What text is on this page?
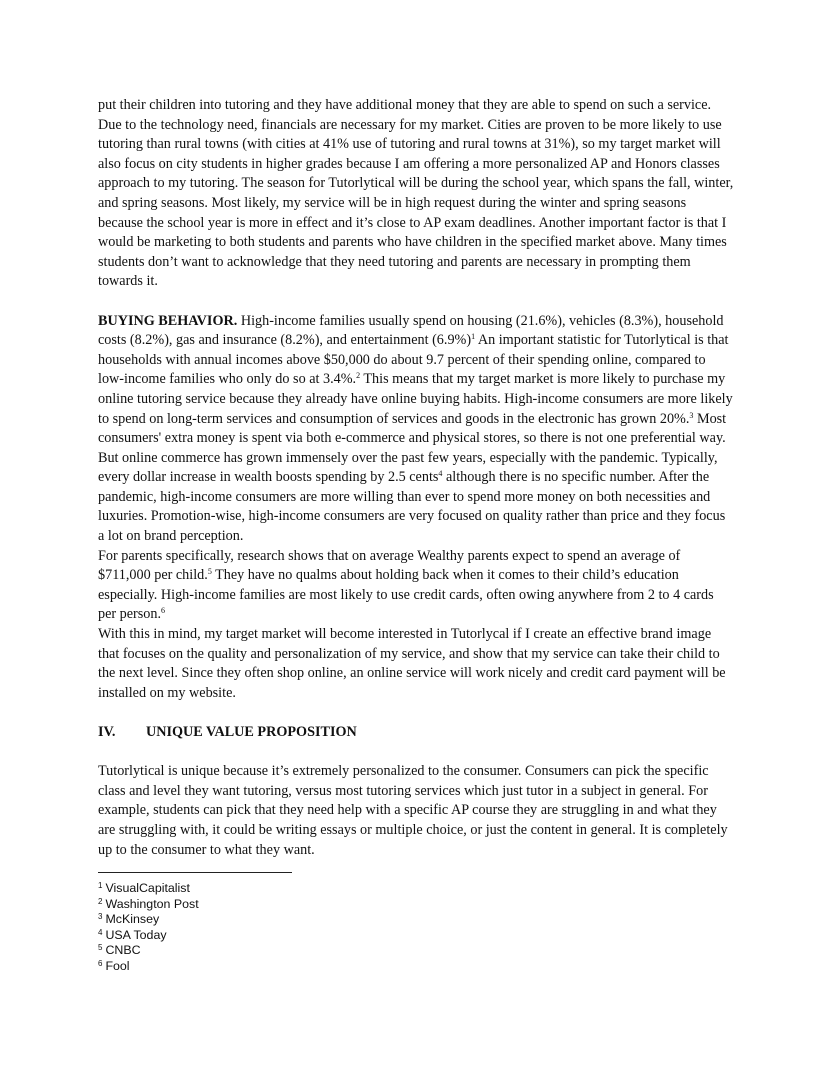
put their children into tutoring and they have additional money that they are able to spend on such a service. Due to the technology need, financials are necessary for my market. Cities are proven to be more likely to use tutoring than rural towns (with cities at 41% use of tutoring and rural towns at 31%), so my target market will also focus on city students in higher grades because I am offering a more personalized AP and Honors classes approach to my tutoring. The season for Tutorlytical will be during the school year, which spans the fall, winter, and spring seasons. Most likely, my service will be in high request during the winter and spring seasons because the school year is more in effect and it’s close to AP exam deadlines. Another important factor is that I would be marketing to both students and parents who have children in the specified market above. Many times students don’t want to acknowledge that they need tutoring and parents are necessary in prompting them towards it.

BUYING BEHAVIOR. High-income families usually spend on housing (21.6%), vehicles (8.3%), household costs (8.2%), gas and insurance (8.2%), and entertainment $(6.9\%)^1$ An important statistic for Tutorlytical is that households with annual incomes above $50,000 do about 9.7 percent of their spending online, compared to low-income families who only do so at 3.4%.$^2$ This means that my target market is more likely to purchase my online tutoring service because they already have online buying habits. High-income consumers are more likely to spend on long-term services and consumption of services and goods in the electronic has grown 20%.$^3$ Most consumers' extra money is spent via both e-commerce and physical stores, so there is not one preferential way. But online commerce has grown immensely over the past few years, especially with the pandemic. Typically, every dollar increase in wealth boosts spending by 2.5 cents$^4$ although there is no specific number. After the pandemic, high-income consumers are more willing than ever to spend more money on both necessities and luxuries. Promotion-wise, high-income consumers are very focused on quality rather than price and they focus a lot on brand perception.

For parents specifically, research shows that on average Wealthy parents expect to spend an average of $711,000 per child.$^5$ They have no qualms about holding back when it comes to their child’s education especially. High-income families are most likely to use credit cards, often owing anywhere from 2 to 4 cards per person.$^6$

With this in mind, my target market will become interested in Tutorlycal if I create an effective brand image that focuses on the quality and personalization of my service, and show that my service can take their child to the next level. Since they often shop online, an online service will work nicely and credit card payment will be installed on my website.

IV.	UNIQUE VALUE PROPOSITION

Tutorlytical is unique because it’s extremely personalized to the consumer. Consumers can pick the specific class and level they want tutoring, versus most tutoring services which just tutor in a subject in general. For example, students can pick that they need help with a specific AP course they are struggling in and what they are struggling with, it could be writing essays or multiple choice, or just the content in general. It is completely up to the consumer to what they want.

$^1$ VisualCapitalist
$^2$ Washington Post
$^3$ McKinsey
$^4$ USA Today
$^5$ CNBC
$^6$ Fool
